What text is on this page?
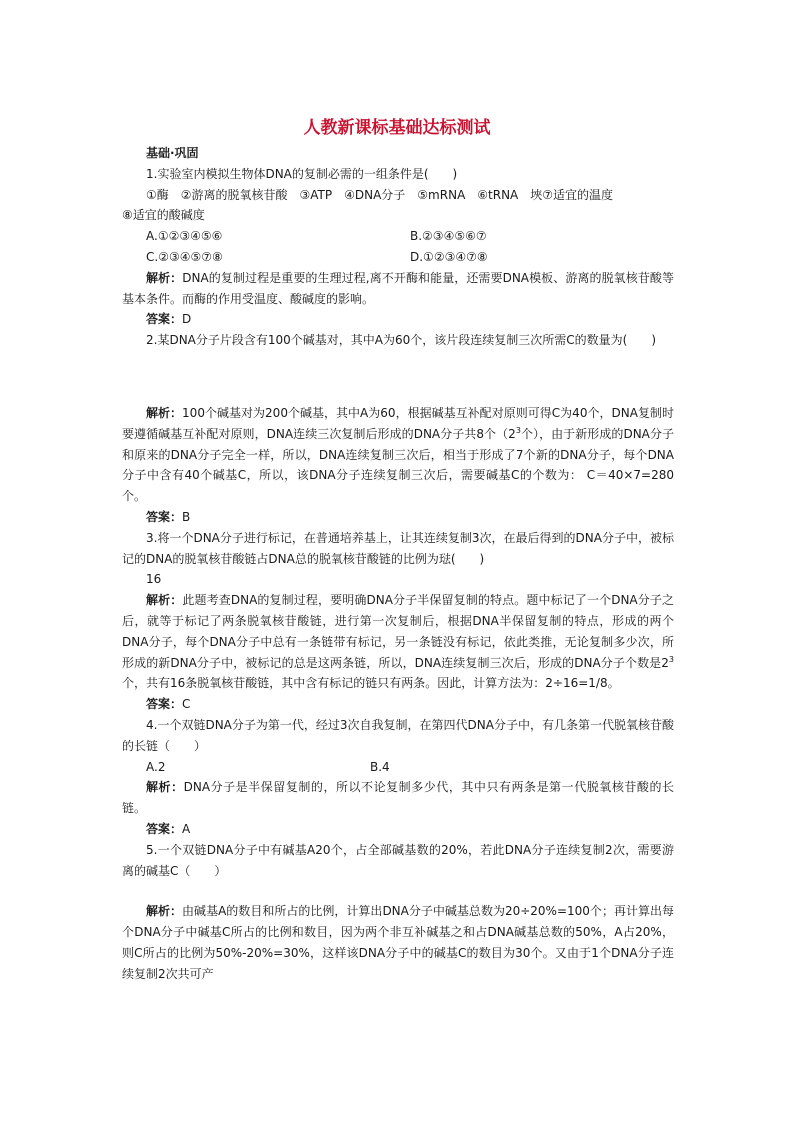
人教新课标基础达标测试

基础·巩固

1.实验室内模拟生物体DNA的复制必需的一组条件是(　　)

①酶　②游离的脱氧核苷酸　③ATP　④DNA分子　⑤mRNA　⑥tRNA　埉⑦适宜的温度

⑧适宜的酸碱度

A.①②③④⑤⑥	B.②③④⑤⑥⑦
C.②③④⑤⑦⑧	D.①②③④⑦⑧

解析：DNA的复制过程是重要的生理过程,离不开酶和能量，还需要DNA模板、游离的脱氧核苷酸等基本条件。而酶的作用受温度、酸碱度的影响。

答案：D

2.某DNA分子片段含有100个碱基对，其中A为60个，该片段连续复制三次所需C的数量为(　　)

解析：100个碱基对为200个碱基，其中A为60，根据碱基互补配对原则可得C为40个，DNA复制时要遵循碱基互补配对原则，DNA连续三次复制后形成的DNA分子共8个（$2^3$个），由于新形成的DNA分子和原来的DNA分子完全一样，所以，DNA连续复制三次后，相当于形成了7个新的DNA分子，每个DNA分子中含有40个碱基C，所以，该DNA分子连续复制三次后，需要碱基C的个数为： C＝40×7=280个。

答案：B

3.将一个DNA分子进行标记，在普通培养基上，让其连续复制3次，在最后得到的DNA分子中，被标记的DNA的脱氧核苷酸链占DNA总的脱氧核苷酸链的比例为琺(　　)

16

解析：此题考查DNA的复制过程，要明确DNA分子半保留复制的特点。题中标记了一个DNA分子之后，就等于标记了两条脱氧核苷酸链，进行第一次复制后，根据DNA半保留复制的特点，形成的两个DNA分子，每个DNA分子中总有一条链带有标记，另一条链没有标记，依此类推，无论复制多少次，所形成的新DNA分子中，被标记的总是这两条链，所以，DNA连续复制三次后，形成的DNA分子个数是$2^3$个，共有16条脱氧核苷酸链，其中含有标记的链只有两条。因此，计算方法为：2÷16=1/8。

答案：C

4.一个双链DNA分子为第一代，经过3次自我复制，在第四代DNA分子中，有几条第一代脱氧核苷酸的长链（　　）

A.2	B.4

解析：DNA分子是半保留复制的，所以不论复制多少代，其中只有两条是第一代脱氧核苷酸的长链。

答案：A

5.一个双链DNA分子中有碱基A20个，占全部碱基数的20%，若此DNA分子连续复制2次，需要游离的碱基C（　　）

解析：由碱基A的数目和所占的比例，计算出DNA分子中碱基总数为20÷20%=100个；再计算出每个DNA分子中碱基C所占的比例和数目，因为两个非互补碱基之和占DNA碱基总数的50%，A占20%，则C所占的比例为50%-20%=30%，这样该DNA分子中的碱基C的数目为30个。又由于1个DNA分子连续复制2次共可产
